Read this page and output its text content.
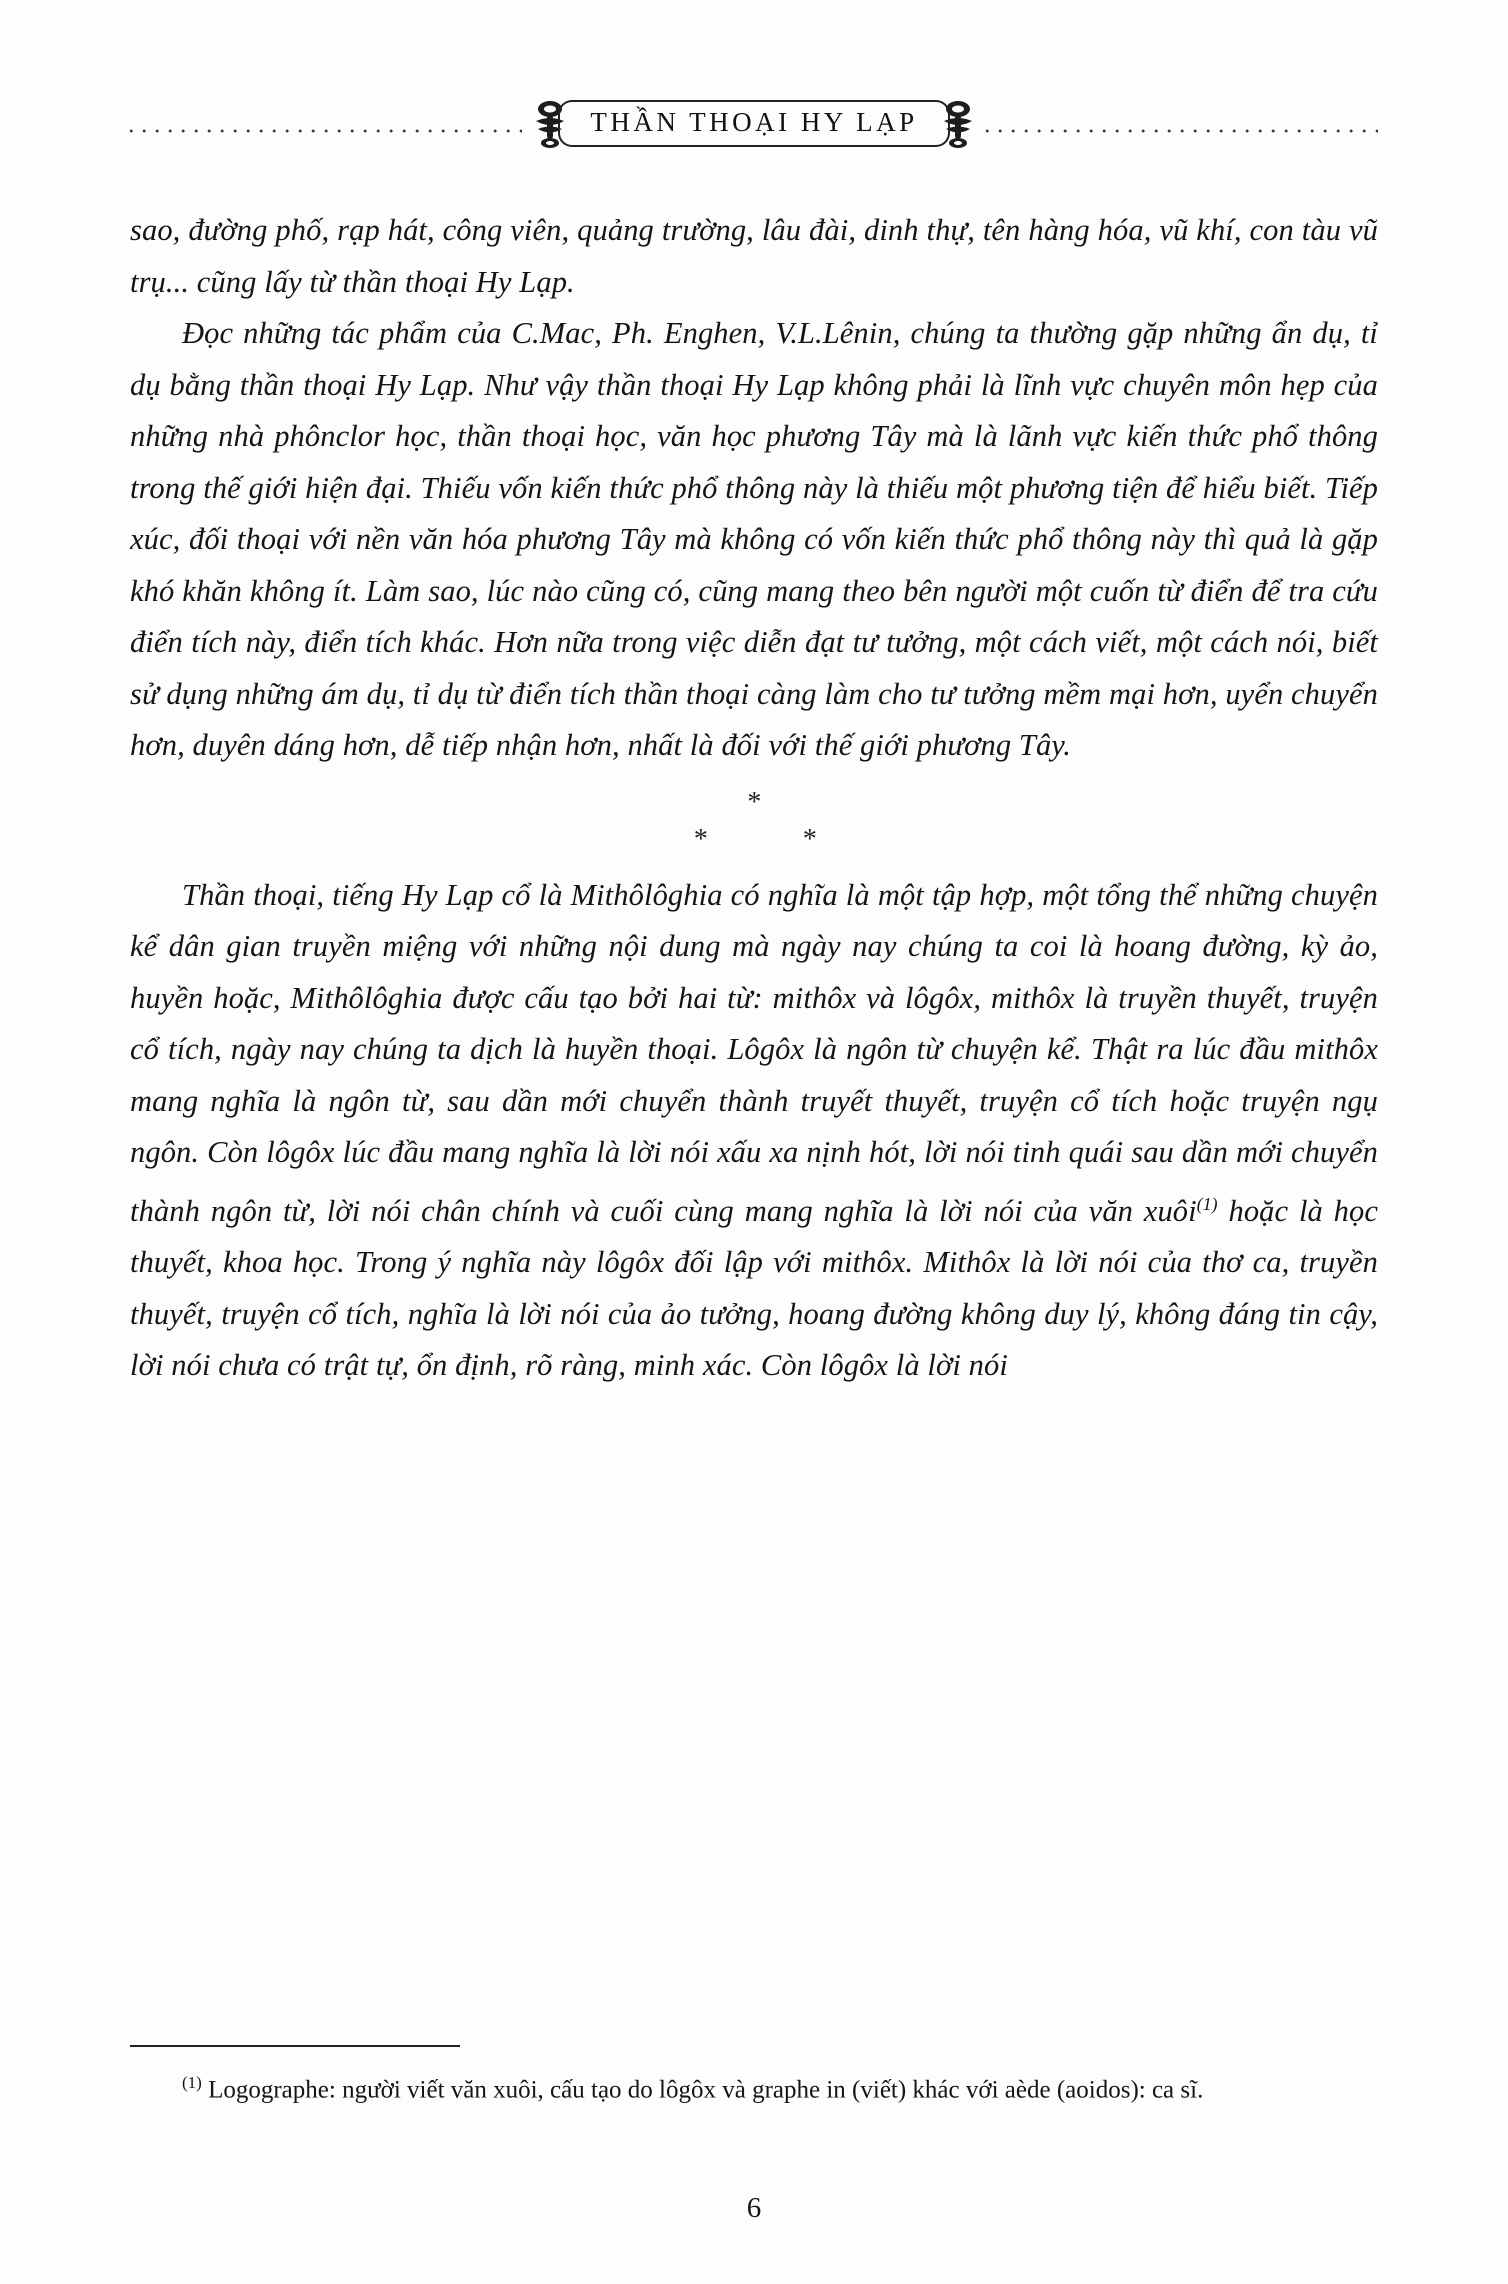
THẦN THOẠI HY LẠP

sao, đường phố, rạp hát, công viên, quảng trường, lâu đài, dinh thự, tên hàng hóa, vũ khí, con tàu vũ trụ... cũng lấy từ thần thoại Hy Lạp.

Đọc những tác phẩm của C.Mac, Ph. Enghen, V.L.Lênin, chúng ta thường gặp những ẩn dụ, tỉ dụ bằng thần thoại Hy Lạp. Như vậy thần thoại Hy Lạp không phải là lĩnh vực chuyên môn hẹp của những nhà phônclor học, thần thoại học, văn học phương Tây mà là lãnh vực kiến thức phổ thông trong thế giới hiện đại. Thiếu vốn kiến thức phổ thông này là thiếu một phương tiện để hiểu biết. Tiếp xúc, đối thoại với nền văn hóa phương Tây mà không có vốn kiến thức phổ thông này thì quả là gặp khó khăn không ít. Làm sao, lúc nào cũng có, cũng mang theo bên người một cuốn từ điển để tra cứu điển tích này, điển tích khác. Hơn nữa trong việc diễn đạt tư tưởng, một cách viết, một cách nói, biết sử dụng những ám dụ, tỉ dụ từ điển tích thần thoại càng làm cho tư tưởng mềm mại hơn, uyển chuyển hơn, duyên dáng hơn, dễ tiếp nhận hơn, nhất là đối với thế giới phương Tây.

*
* *

Thần thoại, tiếng Hy Lạp cổ là Mithôlôghia có nghĩa là một tập hợp, một tổng thể những chuyện kể dân gian truyền miệng với những nội dung mà ngày nay chúng ta coi là hoang đường, kỳ ảo, huyền hoặc, Mithôlôghia được cấu tạo bởi hai từ: mithôx và lôgôx, mithôx là truyền thuyết, truyện cổ tích, ngày nay chúng ta dịch là huyền thoại. Lôgôx là ngôn từ chuyện kể. Thật ra lúc đầu mithôx mang nghĩa là ngôn từ, sau dần mới chuyển thành truyết thuyết, truyện cổ tích hoặc truyện ngụ ngôn. Còn lôgôx lúc đầu mang nghĩa là lời nói xấu xa nịnh hót, lời nói tinh quái sau dần mới chuyển thành ngôn từ, lời nói chân chính và cuối cùng mang nghĩa là lời nói của văn xuôi$^{(1)}$ hoặc là học thuyết, khoa học. Trong ý nghĩa này lôgôx đối lập với mithôx. Mithôx là lời nói của thơ ca, truyền thuyết, truyện cổ tích, nghĩa là lời nói của ảo tưởng, hoang đường không duy lý, không đáng tin cậy, lời nói chưa có trật tự, ổn định, rõ ràng, minh xác. Còn lôgôx là lời nói

$^{(1)}$ Logographe: người viết văn xuôi, cấu tạo do lôgôx và graphe in (viết) khác với aède (aoidos): ca sĩ.

6
